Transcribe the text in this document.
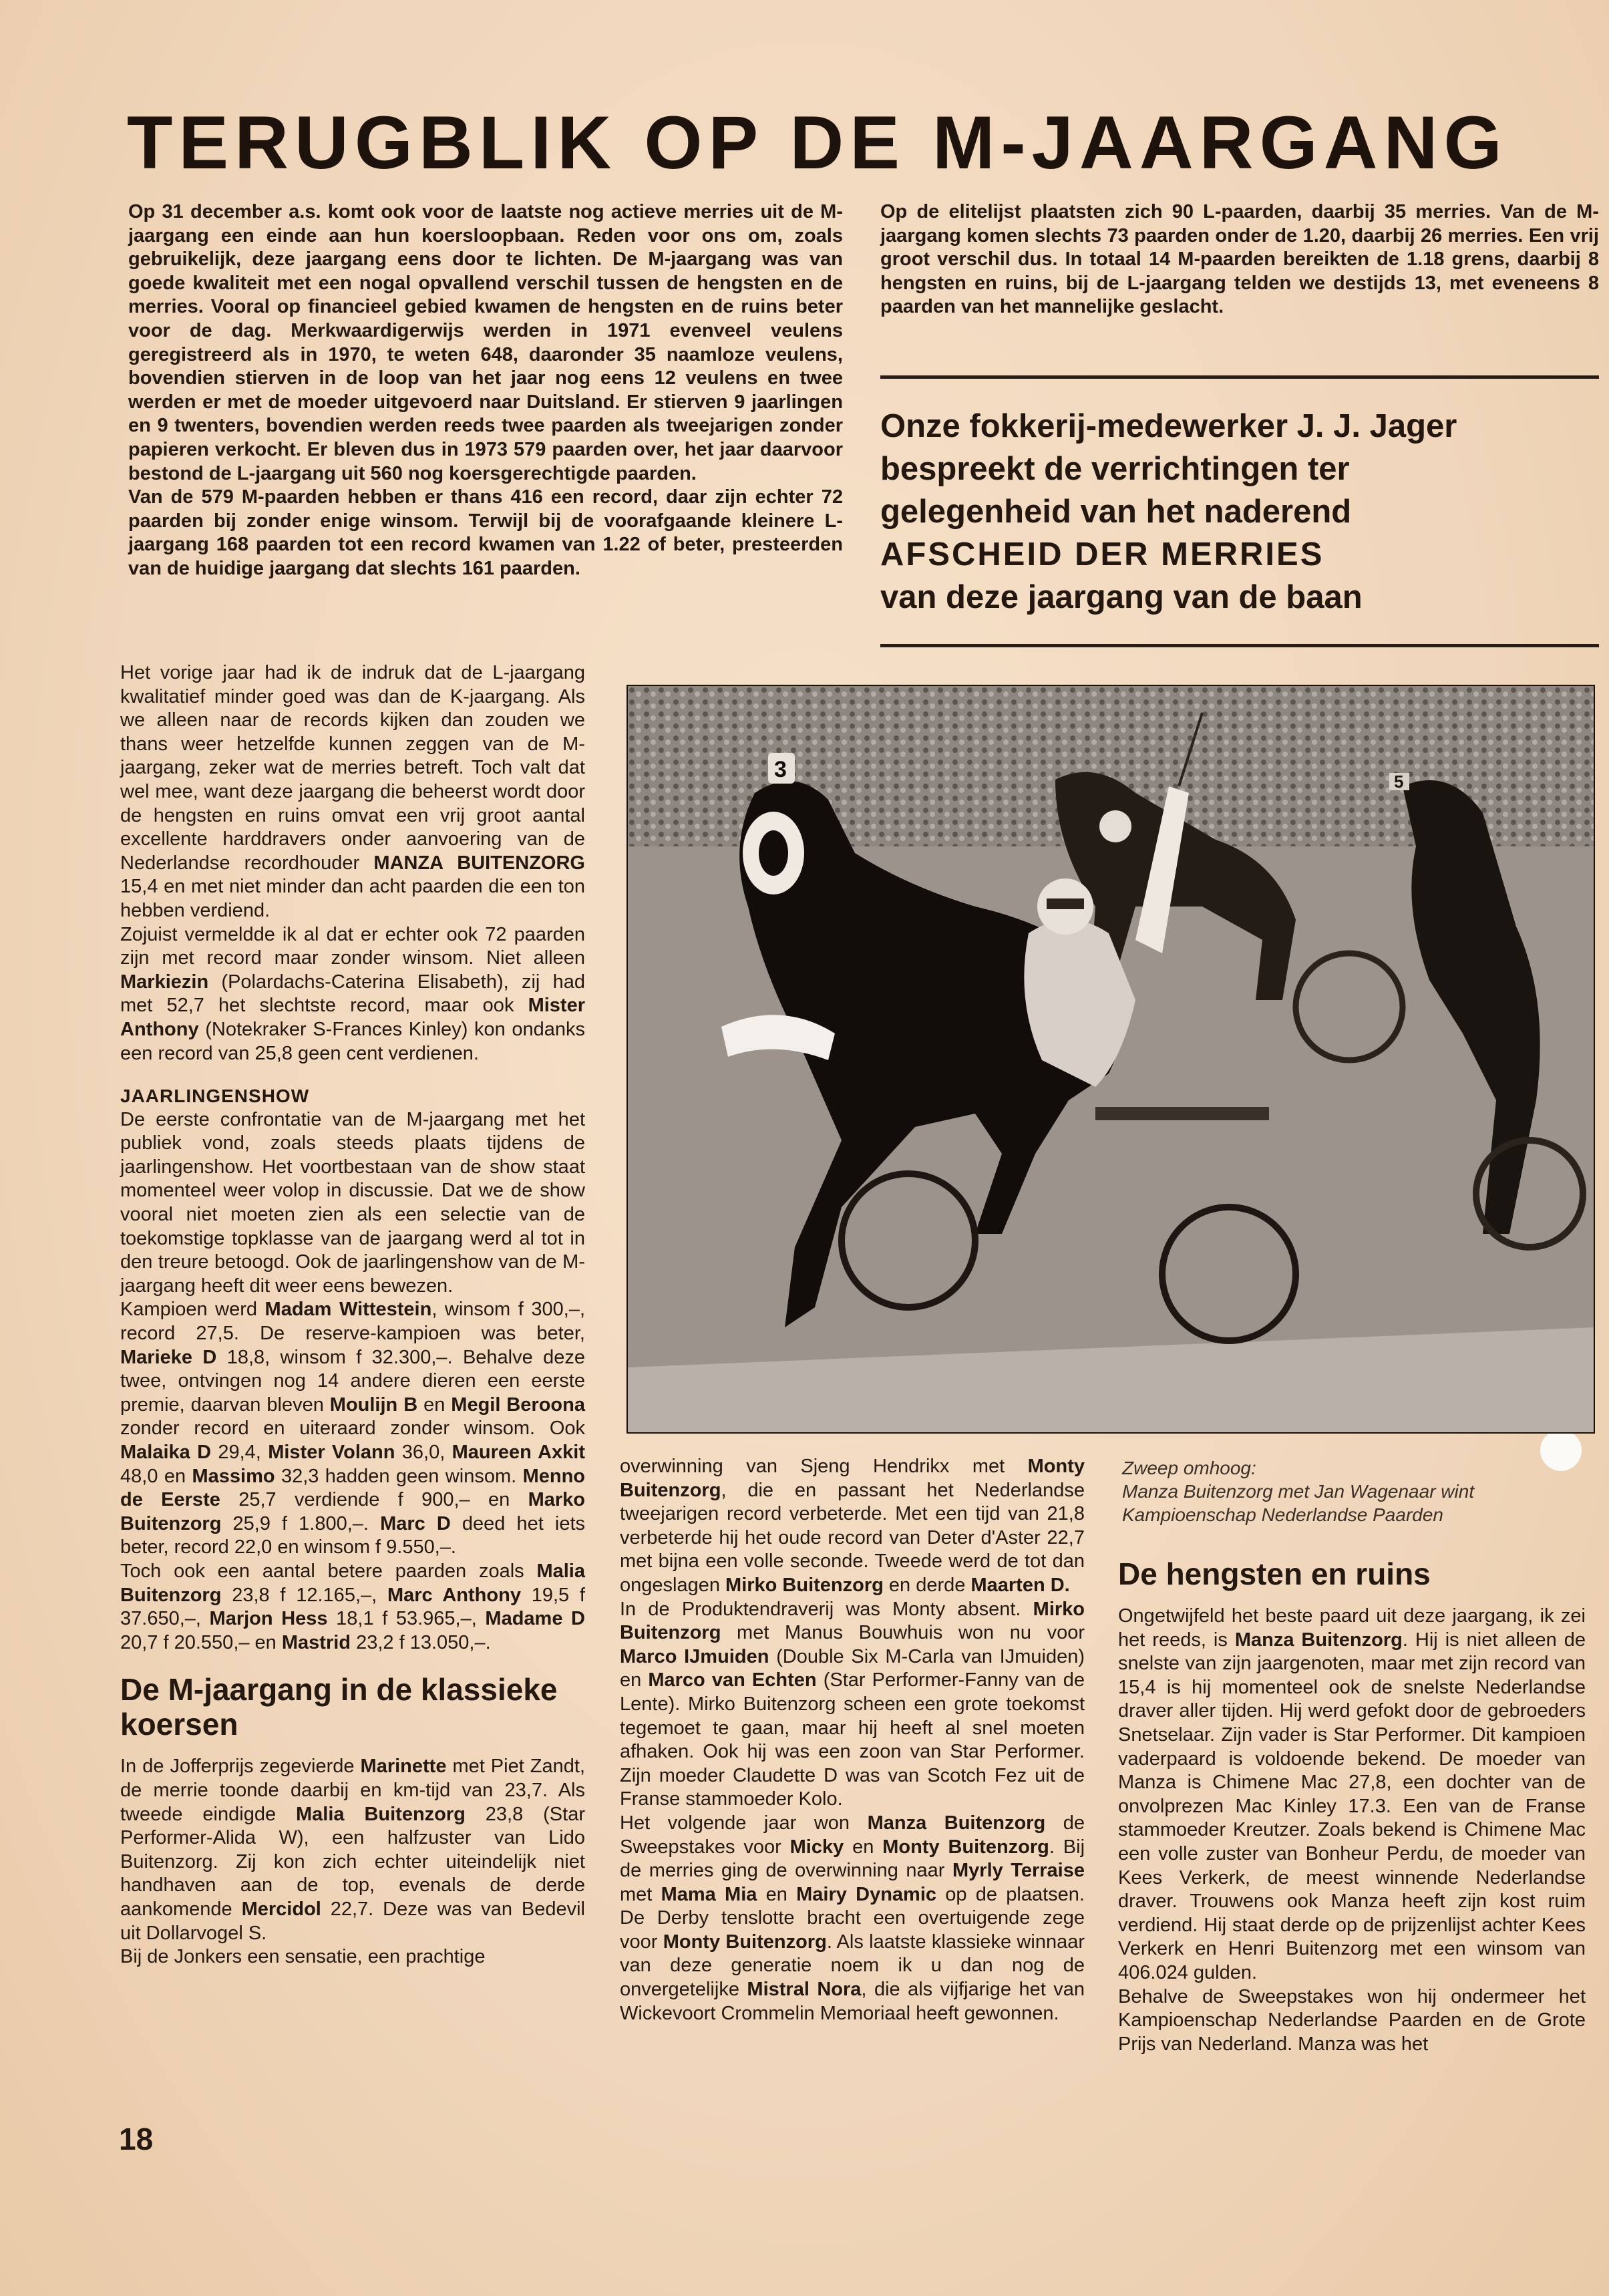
TERUGBLIK OP DE M-JAARGANG

Op 31 december a.s. komt ook voor de laatste nog actieve merries uit de M-jaargang een einde aan hun koersloopbaan. Reden voor ons om, zoals gebruikelijk, deze jaargang eens door te lichten. De M-jaargang was van goede kwaliteit met een nogal opvallend verschil tussen de hengsten en de merries. Vooral op financieel gebied kwamen de hengsten en de ruins beter voor de dag. Merkwaardigerwijs werden in 1971 evenveel veulens geregistreerd als in 1970, te weten 648, daaronder 35 naamloze veulens, bovendien stierven in de loop van het jaar nog eens 12 veulens en twee werden er met de moeder uitgevoerd naar Duitsland. Er stierven 9 jaarlingen en 9 twenters, bovendien werden reeds twee paarden als tweejarigen zonder papieren verkocht. Er bleven dus in 1973 579 paarden over, het jaar daarvoor bestond de L-jaargang uit 560 nog koersgerechtigde paarden.

Van de 579 M-paarden hebben er thans 416 een record, daar zijn echter 72 paarden bij zonder enige winsom. Terwijl bij de voorafgaande kleinere L-jaargang 168 paarden tot een record kwamen van 1.22 of beter, presteerden van de huidige jaargang dat slechts 161 paarden.

Op de elitelijst plaatsten zich 90 L-paarden, daarbij 35 merries. Van de M-jaargang komen slechts 73 paarden onder de 1.20, daarbij 26 merries. Een vrij groot verschil dus. In totaal 14 M-paarden bereikten de 1.18 grens, daarbij 8 hengsten en ruins, bij de L-jaargang telden we destijds 13, met eveneens 8 paarden van het mannelijke geslacht.

Onze fokkerij-medewerker J. J. Jager
bespreekt de verrichtingen ter
gelegenheid van het naderend
AFSCHEID DER MERRIES
van deze jaargang van de baan

Het vorige jaar had ik de indruk dat de L-jaargang kwalitatief minder goed was dan de K-jaargang. Als we alleen naar de records kijken dan zouden we thans weer hetzelfde kunnen zeggen van de M-jaargang, zeker wat de merries betreft. Toch valt dat wel mee, want deze jaargang die beheerst wordt door de hengsten en ruins omvat een vrij groot aantal excellente harddravers onder aanvoering van de Nederlandse recordhouder MANZA BUITENZORG 15,4 en met niet minder dan acht paarden die een ton hebben verdiend.

Zojuist vermeldde ik al dat er echter ook 72 paarden zijn met record maar zonder winsom. Niet alleen Markiezin (Polardachs-Caterina Elisabeth), zij had met 52,7 het slechtste record, maar ook Mister Anthony (Notekraker S-Frances Kinley) kon ondanks een record van 25,8 geen cent verdienen.

JAARLINGENSHOW

De eerste confrontatie van de M-jaargang met het publiek vond, zoals steeds plaats tijdens de jaarlingenshow. Het voortbestaan van de show staat momenteel weer volop in discussie. Dat we de show vooral niet moeten zien als een selectie van de toekomstige topklasse van de jaargang werd al tot in den treure betoogd. Ook de jaarlingenshow van de M-jaargang heeft dit weer eens bewezen.

Kampioen werd Madam Wittestein, winsom f 300,–, record 27,5. De reserve-kampioen was beter, Marieke D 18,8, winsom f 32.300,–. Behalve deze twee, ontvingen nog 14 andere dieren een eerste premie, daarvan bleven Moulijn B en Megil Beroona zonder record en uiteraard zonder winsom. Ook Malaika D 29,4, Mister Volann 36,0, Maureen Axkit 48,0 en Massimo 32,3 hadden geen winsom. Menno de Eerste 25,7 verdiende f 900,– en Marko Buitenzorg 25,9 f 1.800,–. Marc D deed het iets beter, record 22,0 en winsom f 9.550,–.

Toch ook een aantal betere paarden zoals Malia Buitenzorg 23,8 f 12.165,–, Marc Anthony 19,5 f 37.650,–, Marjon Hess 18,1 f 53.965,–, Madame D 20,7 f 20.550,– en Mastrid 23,2 f 13.050,–.

De M-jaargang in de klassieke koersen

In de Jofferprijs zegevierde Marinette met Piet Zandt, de merrie toonde daarbij en km-tijd van 23,7. Als tweede eindigde Malia Buitenzorg 23,8 (Star Performer-Alida W), een halfzuster van Lido Buitenzorg. Zij kon zich echter uiteindelijk niet handhaven aan de top, evenals de derde aankomende Mercidol 22,7. Deze was van Bedevil uit Dollarvogel S.

Bij de Jonkers een sensatie, een prachtige

5
3
Zweep omhoog:
Manza Buitenzorg met Jan Wagenaar wint Kampioenschap Nederlandse Paarden

overwinning van Sjeng Hendrikx met Monty Buitenzorg, die en passant het Nederlandse tweejarigen record verbeterde. Met een tijd van 21,8 verbeterde hij het oude record van Deter d'Aster 22,7 met bijna een volle seconde. Tweede werd de tot dan ongeslagen Mirko Buitenzorg en derde Maarten D.

In de Produktendraverij was Monty absent. Mirko Buitenzorg met Manus Bouwhuis won nu voor Marco IJmuiden (Double Six M-Carla van IJmuiden) en Marco van Echten (Star Performer-Fanny van de Lente). Mirko Buitenzorg scheen een grote toekomst tegemoet te gaan, maar hij heeft al snel moeten afhaken. Ook hij was een zoon van Star Performer. Zijn moeder Claudette D was van Scotch Fez uit de Franse stammoeder Kolo.

Het volgende jaar won Manza Buitenzorg de Sweepstakes voor Micky en Monty Buitenzorg. Bij de merries ging de overwinning naar Myrly Terraise met Mama Mia en Mairy Dynamic op de plaatsen. De Derby tenslotte bracht een overtuigende zege voor Monty Buitenzorg. Als laatste klassieke winnaar van deze generatie noem ik u dan nog de onvergetelijke Mistral Nora, die als vijfjarige het van Wickevoort Crommelin Memoriaal heeft gewonnen.

De hengsten en ruins

Ongetwijfeld het beste paard uit deze jaargang, ik zei het reeds, is Manza Buitenzorg. Hij is niet alleen de snelste van zijn jaargenoten, maar met zijn record van 15,4 is hij momenteel ook de snelste Nederlandse draver aller tijden. Hij werd gefokt door de gebroeders Snetselaar. Zijn vader is Star Performer. Dit kampioen vaderpaard is voldoende bekend. De moeder van Manza is Chimene Mac 27,8, een dochter van de onvolprezen Mac Kinley 17.3. Een van de Franse stammoeder Kreutzer. Zoals bekend is Chimene Mac een volle zuster van Bonheur Perdu, de moeder van Kees Verkerk, de meest winnende Nederlandse draver. Trouwens ook Manza heeft zijn kost ruim verdiend. Hij staat derde op de prijzenlijst achter Kees Verkerk en Henri Buitenzorg met een winsom van 406.024 gulden.

Behalve de Sweepstakes won hij ondermeer het Kampioenschap Nederlandse Paarden en de Grote Prijs van Nederland. Manza was het

18
